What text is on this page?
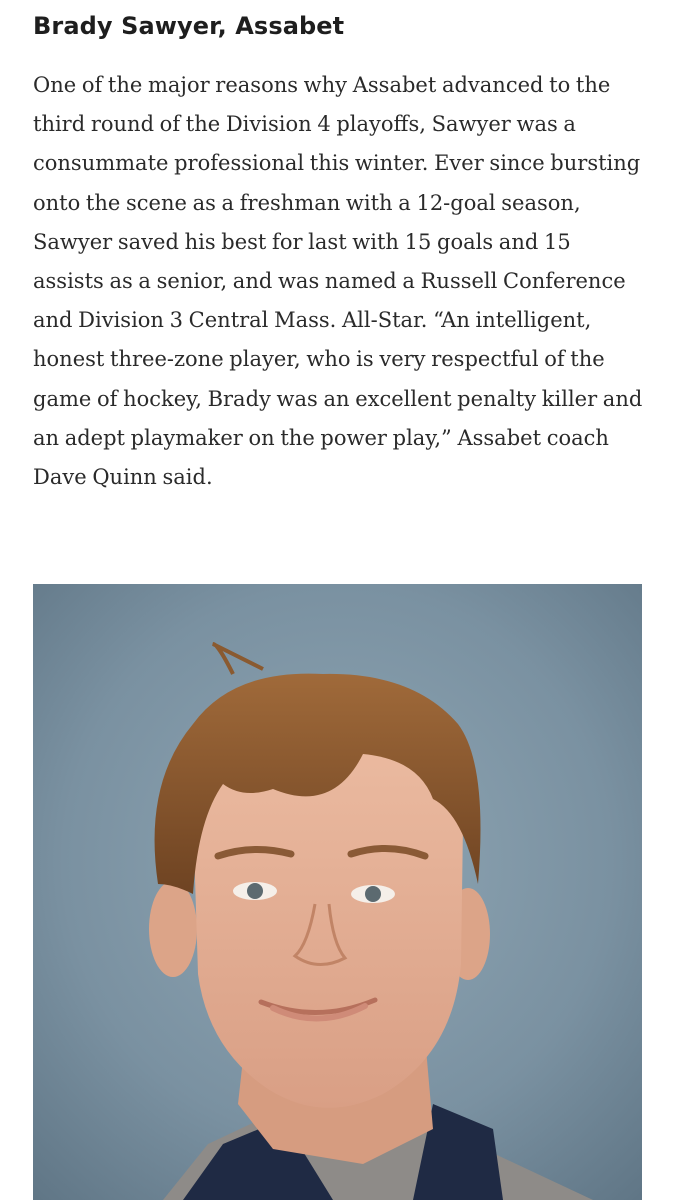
Brady Sawyer, Assabet

One of the major reasons why Assabet advanced to the third round of the Division 4 playoffs, Sawyer was a consummate professional this winter. Ever since bursting onto the scene as a freshman with a 12-goal season, Sawyer saved his best for last with 15 goals and 15 assists as a senior, and was named a Russell Conference and Division 3 Central Mass. All-Star. “An intelligent, honest three-zone player, who is very respectful of the game of hockey, Brady was an excellent penalty killer and an adept playmaker on the power play,” Assabet coach Dave Quinn said.
